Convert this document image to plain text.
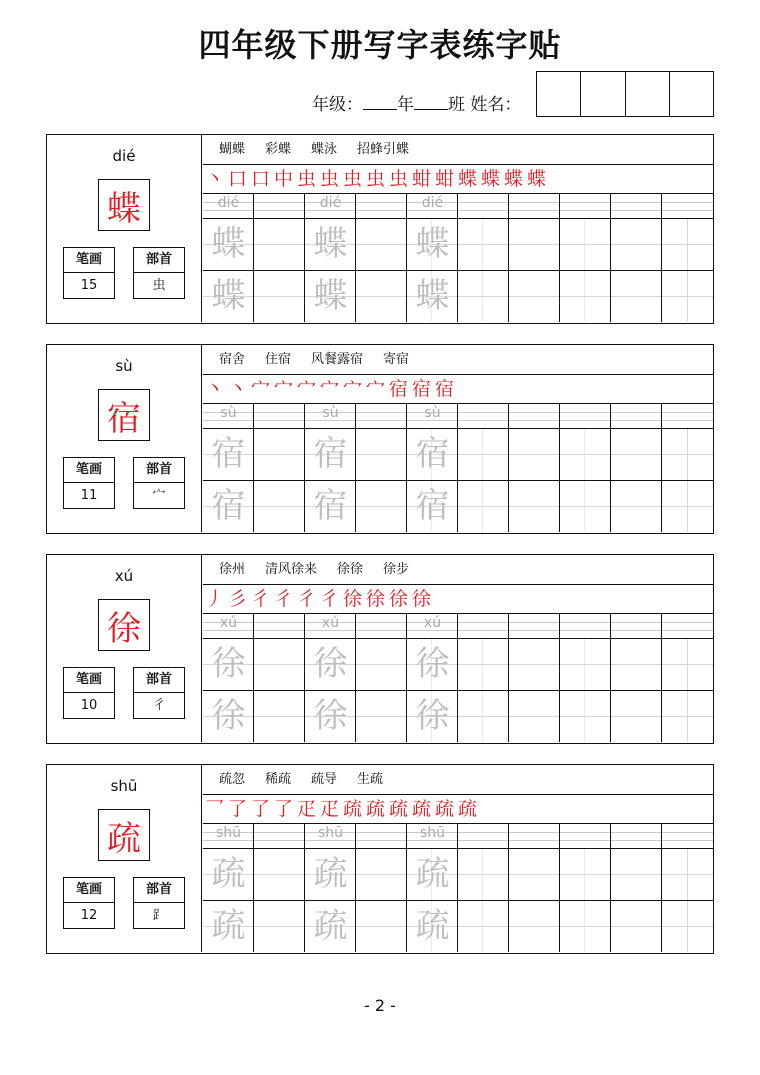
四年级下册写字表练字贴
年级： 年 班 姓名：
dié
蝶
笔画
15
部首
虫
蝴蝶 彩蝶 蝶泳 招蜂引蝶
丶 口 口 中 虫 虫 虫 虫 虫 蚶 蚶 蝶 蝶 蝶 蝶
dié	dié	dié
蝶 蝶 蝶
蝶 蝶 蝶
sù
宿
笔画
11
部首
宀
宿舍 住宿 风餐露宿 寄宿
丶 丶 宀 宀 宀 宀 宀 宀 宿 宿 宿
sù	sù	sù
宿 宿 宿
宿 宿 宿
xú
徐
笔画
10
部首
彳
徐州 清风徐来 徐徐 徐步
丿 彡 彳 彳 彳 彳 徐 徐 徐 徐
xú	xú	xú
徐 徐 徐
徐 徐 徐
shū
疏
笔画
12
部首
⻊
疏忽 稀疏 疏导 生疏
乛 了 了 了 疋 疋 疏 疏 疏 疏 疏 疏
shū	shū	shū
疏 疏 疏
疏 疏 疏
- 2 -
